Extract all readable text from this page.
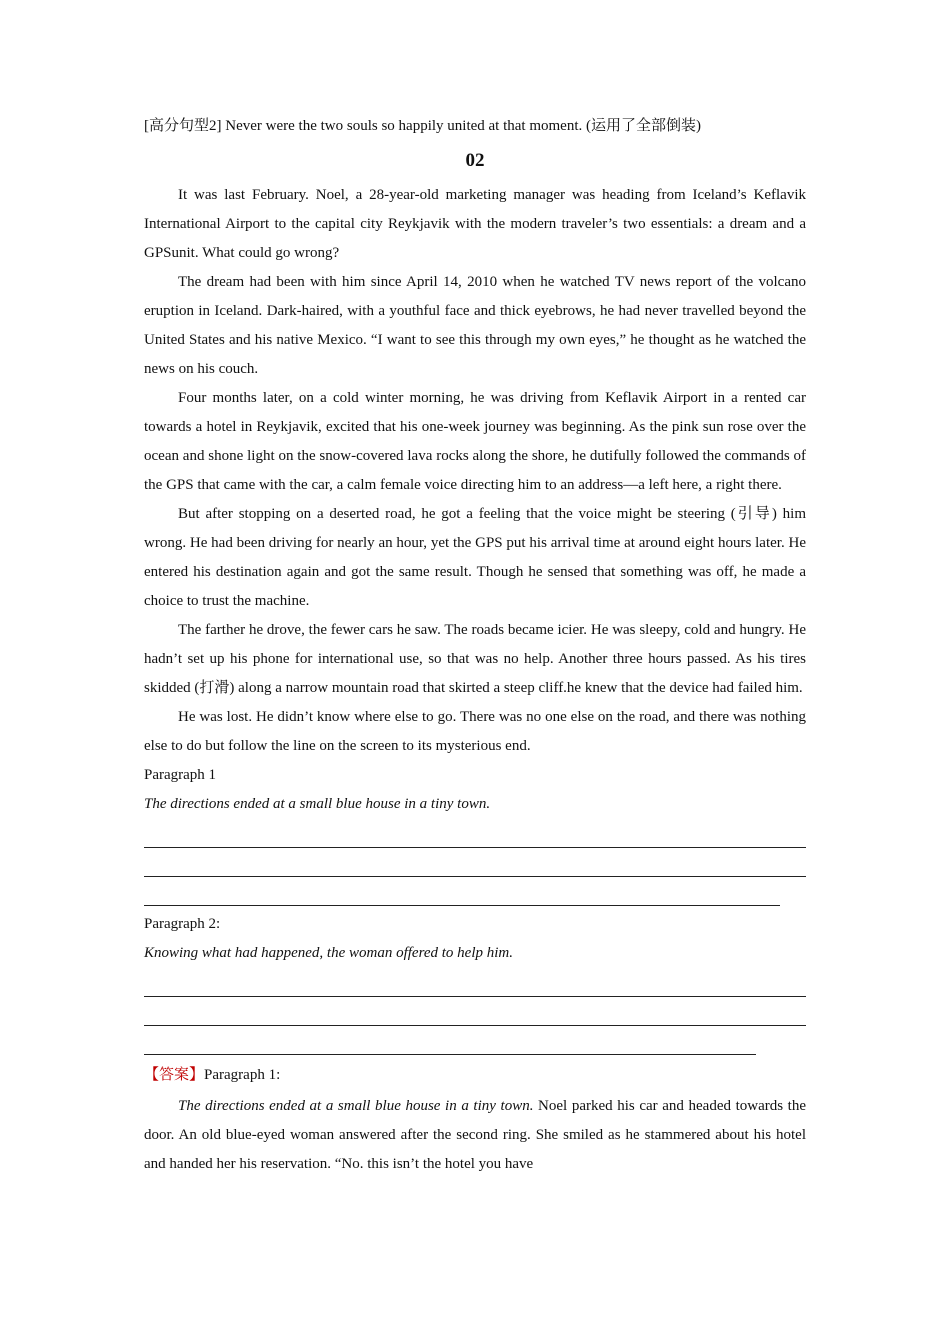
[高分句型2] Never were the two souls so happily united at that moment. (运用了全部倒装)

02

It was last February. Noel, a 28-year-old marketing manager was heading from Iceland’s Keflavik International Airport to the capital city Reykjavik with the modern traveler’s two essentials: a dream and a GPSunit. What could go wrong?

The dream had been with him since April 14, 2010 when he watched TV news report of the volcano eruption in Iceland. Dark-haired, with a youthful face and thick eyebrows, he had never travelled beyond the United States and his native Mexico. “I want to see this through my own eyes,” he thought as he watched the news on his couch.

Four months later, on a cold winter morning, he was driving from Keflavik Airport in a rented car towards a hotel in Reykjavik, excited that his one-week journey was beginning. As the pink sun rose over the ocean and shone light on the snow-covered lava rocks along the shore, he dutifully followed the commands of the GPS that came with the car, a calm female voice directing him to an address—a left here, a right there.

But after stopping on a deserted road, he got a feeling that the voice might be steering (引导) him wrong. He had been driving for nearly an hour, yet the GPS put his arrival time at around eight hours later. He entered his destination again and got the same result. Though he sensed that something was off, he made a choice to trust the machine.

The farther he drove, the fewer cars he saw. The roads became icier. He was sleepy, cold and hungry. He hadn’t set up his phone for international use, so that was no help. Another three hours passed. As his tires skidded (打滑) along a narrow mountain road that skirted a steep cliff.he knew that the device had failed him.

He was lost. He didn’t know where else to go. There was no one else on the road, and there was nothing else to do but follow the line on the screen to its mysterious end.

Paragraph 1

The directions ended at a small blue house in a tiny town.

Paragraph 2:

Knowing what had happened, the woman offered to help him.

【答案】Paragraph 1:

The directions ended at a small blue house in a tiny town. Noel parked his car and headed towards the door. An old blue-eyed woman answered after the second ring. She smiled as he stammered about his hotel and handed her his reservation. “No. this isn’t the hotel you have
